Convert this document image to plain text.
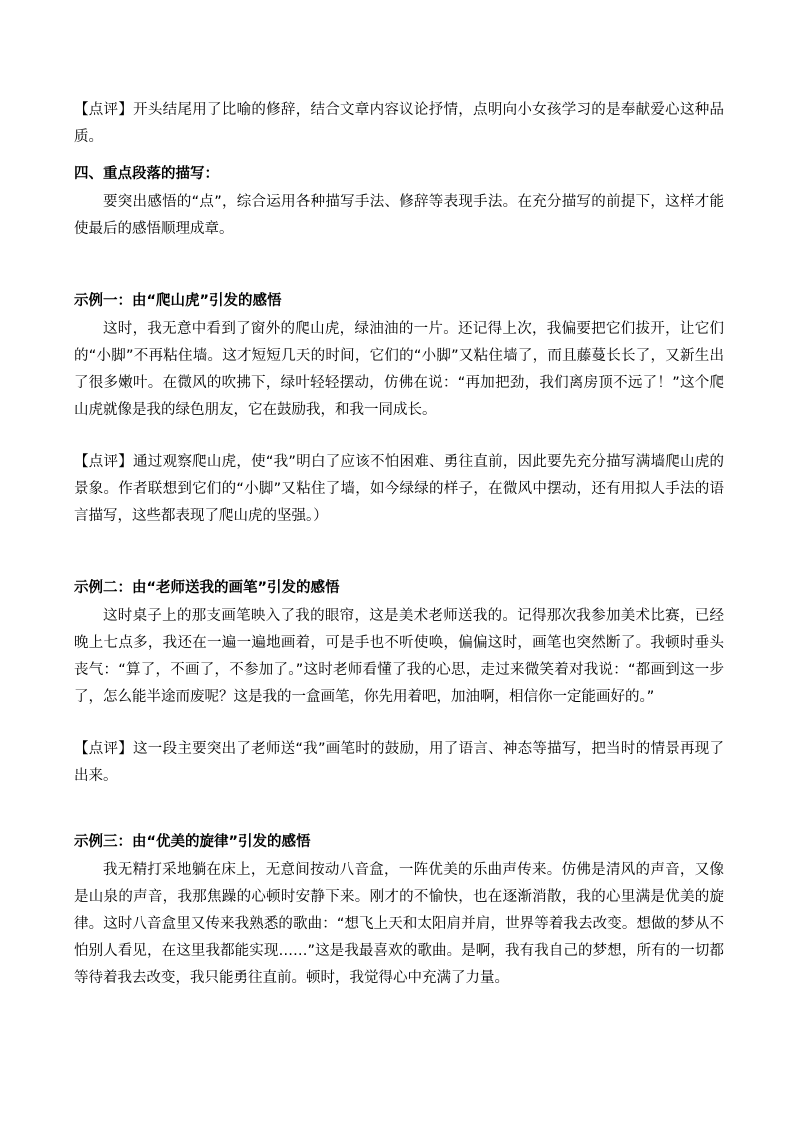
【点评】开头结尾用了比喻的修辞，结合文章内容议论抒情，点明向小女孩学习的是奉献爱心这种品质。

四、重点段落的描写：

要突出感悟的“点”，综合运用各种描写手法、修辞等表现手法。在充分描写的前提下，这样才能使最后的感悟顺理成章。

示例一：由“爬山虎”引发的感悟

这时，我无意中看到了窗外的爬山虎，绿油油的一片。还记得上次，我偏要把它们拔开，让它们的“小脚”不再粘住墙。这才短短几天的时间，它们的“小脚”又粘住墙了，而且藤蔓长长了，又新生出了很多嫩叶。在微风的吹拂下，绿叶轻轻摆动，仿佛在说：“再加把劲，我们离房顶不远了！”这个爬山虎就像是我的绿色朋友，它在鼓励我，和我一同成长。

【点评】通过观察爬山虎，使“我”明白了应该不怕困难、勇往直前，因此要先充分描写满墙爬山虎的景象。作者联想到它们的“小脚”又粘住了墙，如今绿绿的样子，在微风中摆动，还有用拟人手法的语言描写，这些都表现了爬山虎的坚强。）

示例二：由“老师送我的画笔”引发的感悟

这时桌子上的那支画笔映入了我的眼帘，这是美术老师送我的。记得那次我参加美术比赛，已经晚上七点多，我还在一遍一遍地画着，可是手也不听使唤，偏偏这时，画笔也突然断了。我顿时垂头丧气：“算了，不画了，不参加了。”这时老师看懂了我的心思，走过来微笑着对我说：“都画到这一步了，怎么能半途而废呢？这是我的一盒画笔，你先用着吧，加油啊，相信你一定能画好的。”

【点评】这一段主要突出了老师送“我”画笔时的鼓励，用了语言、神态等描写，把当时的情景再现了出来。

示例三：由“优美的旋律”引发的感悟

我无精打采地躺在床上，无意间按动八音盒，一阵优美的乐曲声传来。仿佛是清风的声音，又像是山泉的声音，我那焦躁的心顿时安静下来。刚才的不愉快，也在逐渐消散，我的心里满是优美的旋律。这时八音盒里又传来我熟悉的歌曲：“想飞上天和太阳肩并肩，世界等着我去改变。想做的梦从不怕别人看见，在这里我都能实现……”这是我最喜欢的歌曲。是啊，我有我自己的梦想，所有的一切都等待着我去改变，我只能勇往直前。顿时，我觉得心中充满了力量。
